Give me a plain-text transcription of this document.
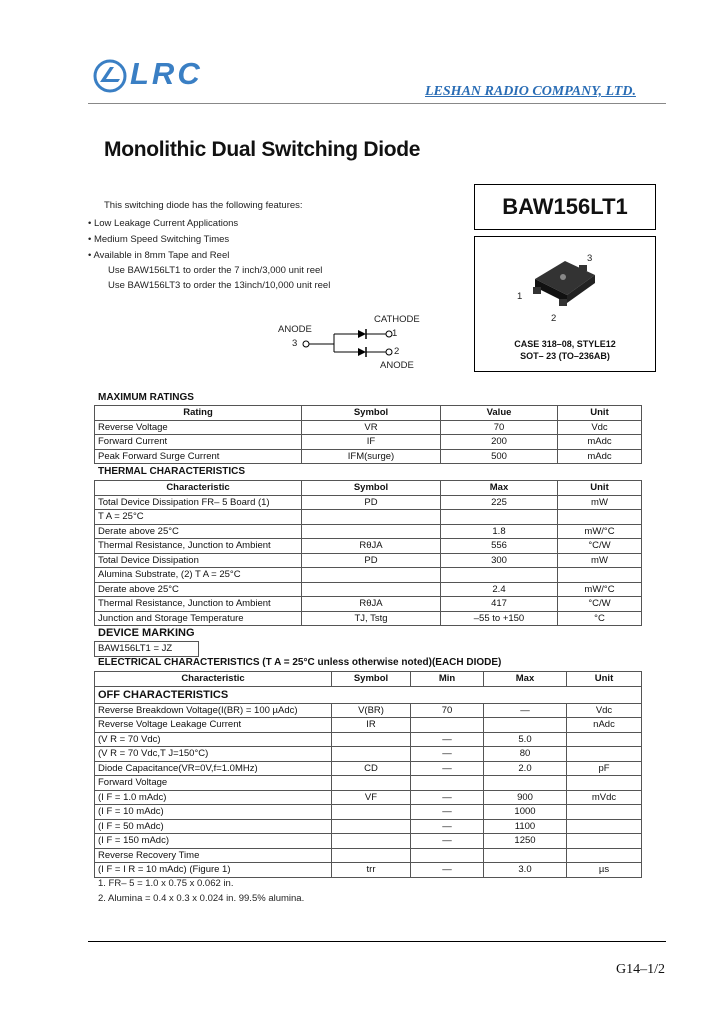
LRC
LESHAN RADIO COMPANY, LTD.
Monolithic Dual Switching Diode
BAW156LT1
3
1
2
CASE 318–08, STYLE12
SOT– 23 (TO–236AB)
This switching diode has the following features:
• Low Leakage Current Applications
• Medium Speed Switching Times
• Available in 8mm Tape and Reel
Use BAW156LT1 to order the 7 inch/3,000 unit reel
Use BAW156LT3 to order the 13inch/10,000 unit reel
CATHODE
ANODE
3
1
2
ANODE
MAXIMUM RATINGS
Rating	Symbol	Value	Unit
Reverse Voltage	VR	70	Vdc
Forward Current	IF	200	mAdc
Peak Forward Surge Current	IFM(surge)	500	mAdc
THERMAL CHARACTERISTICS
Characteristic	Symbol	Max	Unit
Total Device Dissipation FR– 5 Board (1)	PD	225	mW
T A = 25°C			
Derate above 25°C		1.8	mW/°C
Thermal Resistance, Junction to Ambient	RθJA	556	°C/W
Total Device Dissipation	PD	300	mW
Alumina Substrate, (2) T A = 25°C			
Derate above 25°C		2.4	mW/°C
Thermal Resistance, Junction to Ambient	RθJA	417	°C/W
Junction and Storage Temperature	TJ, Tstg	–55 to +150	°C
DEVICE MARKING
BAW156LT1 = JZ
ELECTRICAL CHARACTERISTICS (T A = 25°C unless otherwise noted)(EACH DIODE)
Characteristic	Symbol	Min	Max	Unit
OFF CHARACTERISTICS				
Reverse Breakdown Voltage(I(BR) = 100 µAdc)	V(BR)	70	—	Vdc
Reverse Voltage Leakage Current	IR			nAdc
(V R = 70 Vdc)		—	5.0	
(V R = 70 Vdc,T J=150°C)		—	80	
Diode Capacitance(VR=0V,f=1.0MHz)	CD	—	2.0	pF
Forward Voltage				
(I F = 1.0 mAdc)	VF	—	900	mVdc
(I F = 10 mAdc)		—	1000	
(I F = 50 mAdc)		—	1100	
(I F = 150 mAdc)		—	1250	
Reverse Recovery Time				
(I F = I R = 10 mAdc) (Figure 1)	trr	—	3.0	µs
1. FR– 5 = 1.0 x 0.75 x 0.062 in.
2. Alumina = 0.4 x 0.3 x 0.024 in. 99.5% alumina.
G14–1/2
